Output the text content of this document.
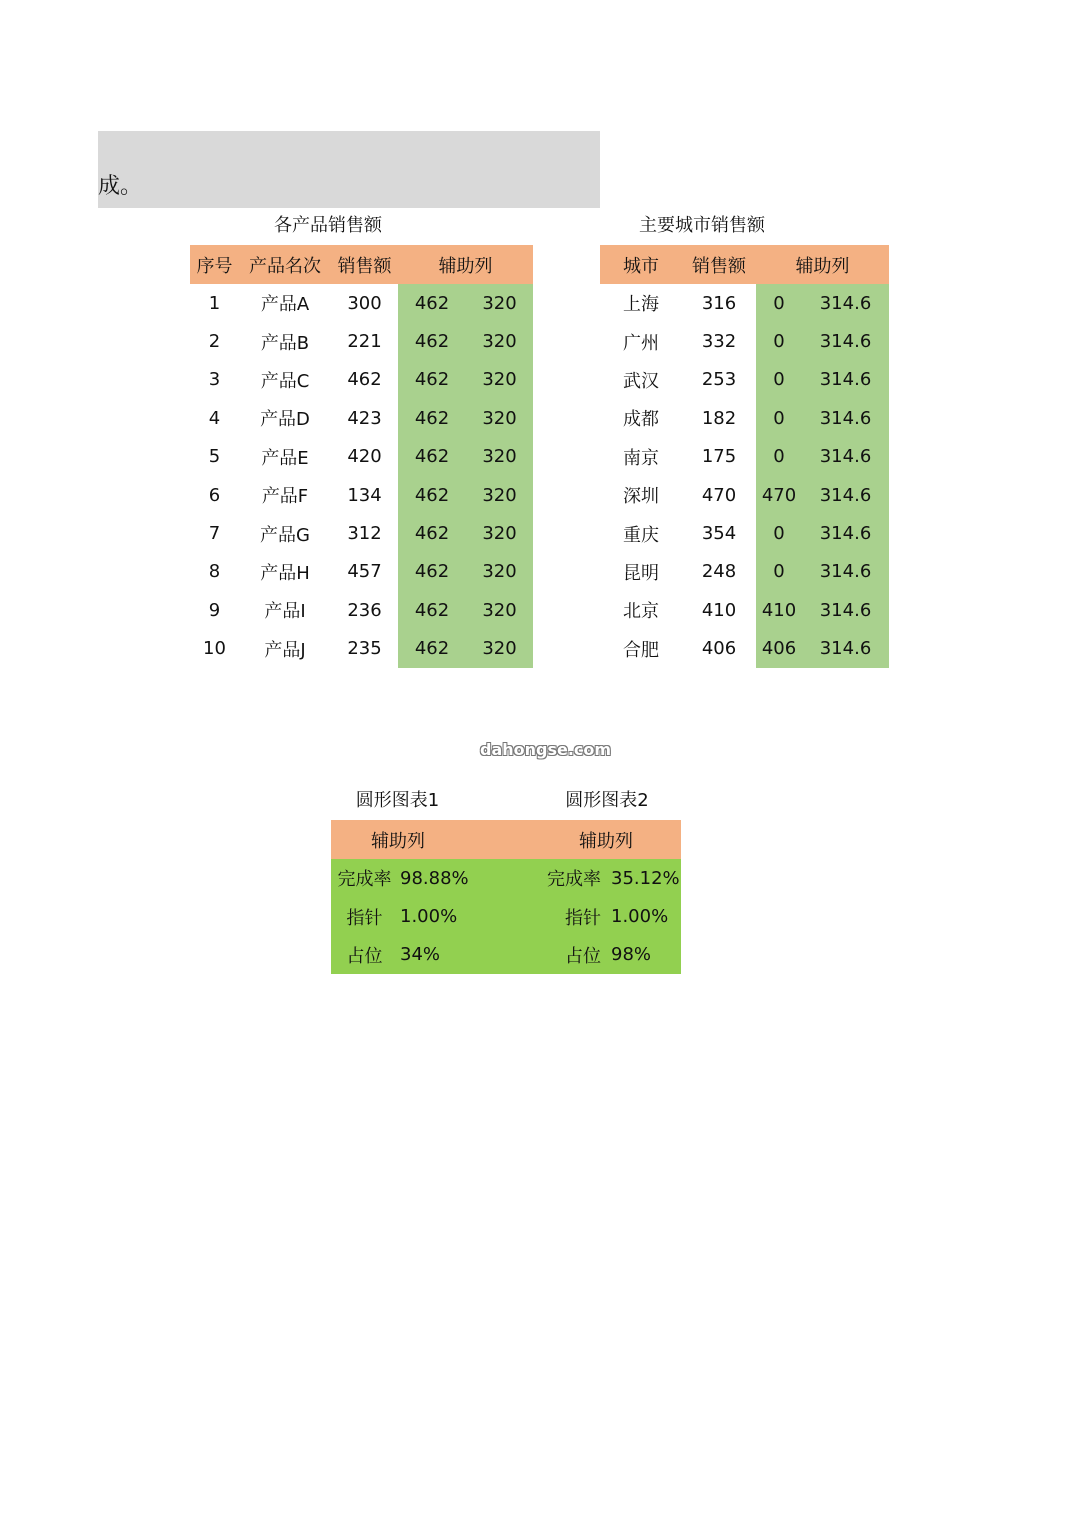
成。
各产品销售额
序号	产品名次	销售额	辅助列	
1	产品A	300	462	320
2	产品B	221	462	320
3	产品C	462	462	320
4	产品D	423	462	320
5	产品E	420	462	320
6	产品F	134	462	320
7	产品G	312	462	320
8	产品H	457	462	320
9	产品I	236	462	320
10	产品J	235	462	320
主要城市销售额
城市	销售额	辅助列	
上海	316	0	314.6
广州	332	0	314.6
武汉	253	0	314.6
成都	182	0	314.6
南京	175	0	314.6
深圳	470	470	314.6
重庆	354	0	314.6
昆明	248	0	314.6
北京	410	410	314.6
合肥	406	406	314.6
dahongse.com
圆形图表1	圆形图表2
辅助列		辅助列	
完成率	98.88%	完成率	35.12%
指针	1.00%	指针	1.00%
占位	34%	占位	98%
